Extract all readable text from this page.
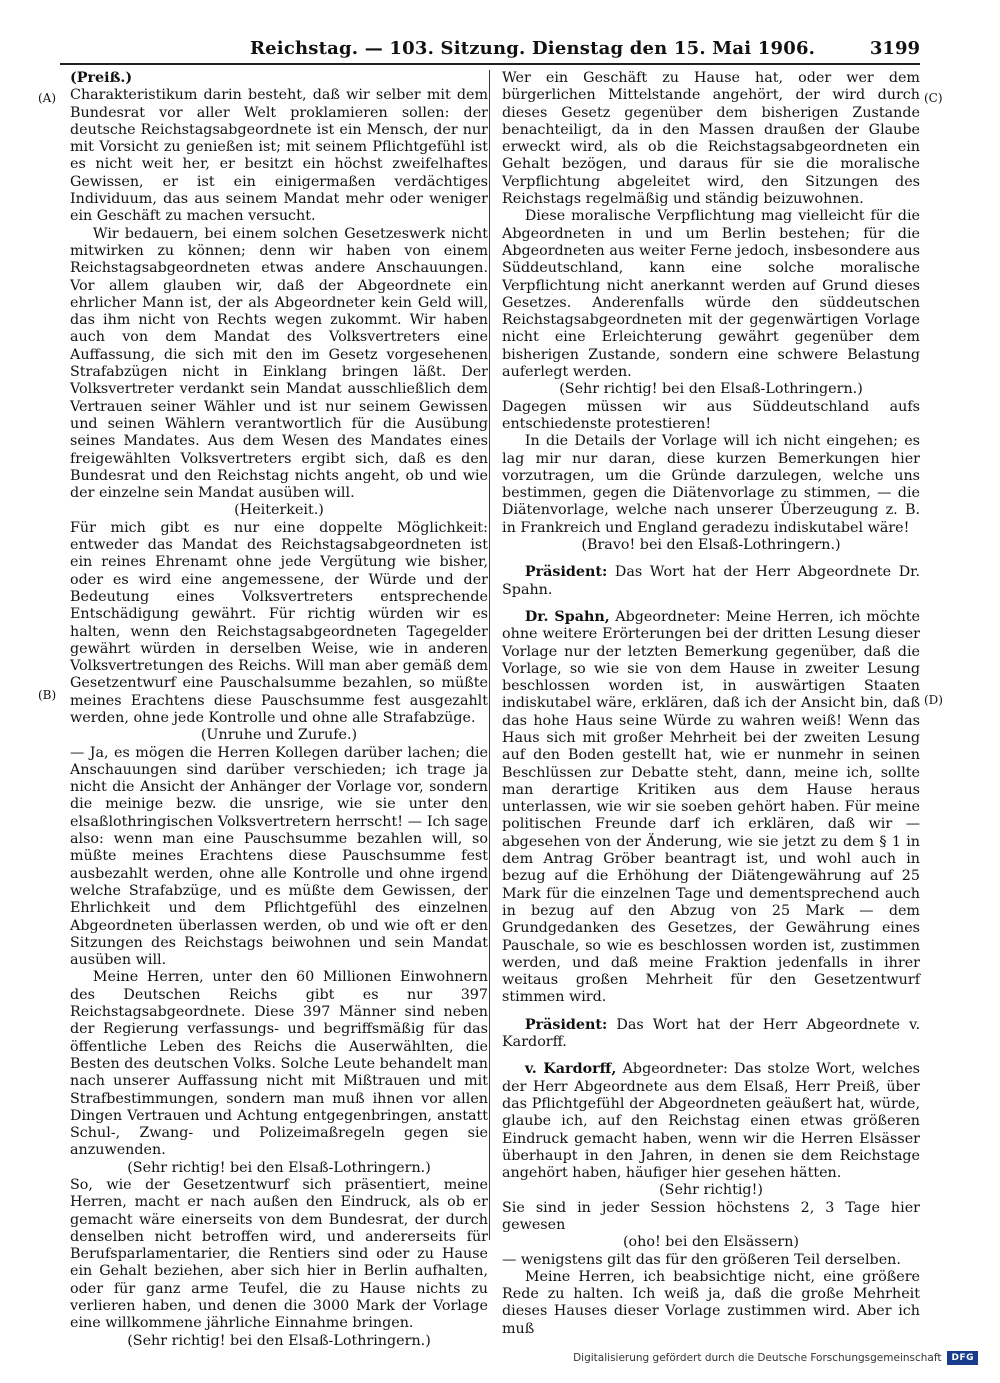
Reichstag. — 103. Sitzung. Dienstag den 15. Mai 1906.	3199
(A)
(B)
(C)
(D)

(Preiß.)

Charakteristikum darin besteht, daß wir selber mit dem Bundesrat vor aller Welt proklamieren sollen: der deutsche Reichstagsabgeordnete ist ein Mensch, der nur mit Vorsicht zu genießen ist; mit seinem Pflichtgefühl ist es nicht weit her, er besitzt ein höchst zweifelhaftes Gewissen, er ist ein einigermaßen verdächtiges Individuum, das aus seinem Mandat mehr oder weniger ein Geschäft zu machen versucht.

Wir bedauern, bei einem solchen Gesetzeswerk nicht mitwirken zu können; denn wir haben von einem Reichstagsabgeordneten etwas andere Anschauungen. Vor allem glauben wir, daß der Abgeordnete ein ehrlicher Mann ist, der als Abgeordneter kein Geld will, das ihm nicht von Rechts wegen zukommt. Wir haben auch von dem Mandat des Volksvertreters eine Auffassung, die sich mit den im Gesetz vorgesehenen Strafabzügen nicht in Einklang bringen läßt. Der Volksvertreter verdankt sein Mandat ausschließlich dem Vertrauen seiner Wähler und ist nur seinem Gewissen und seinen Wählern verantwortlich für die Ausübung seines Mandates. Aus dem Wesen des Mandates eines freigewählten Volksvertreters ergibt sich, daß es den Bundesrat und den Reichstag nichts angeht, ob und wie der einzelne sein Mandat ausüben will.

(Heiterkeit.)

Für mich gibt es nur eine doppelte Möglichkeit: entweder das Mandat des Reichstagsabgeordneten ist ein reines Ehrenamt ohne jede Vergütung wie bisher, oder es wird eine angemessene, der Würde und der Bedeutung eines Volksvertreters entsprechende Entschädigung gewährt. Für richtig würden wir es halten, wenn den Reichstagsabgeordneten Tagegelder gewährt würden in derselben Weise, wie in anderen Volksvertretungen des Reichs. Will man aber gemäß dem Gesetzentwurf eine Pauschalsumme bezahlen, so müßte meines Erachtens diese Pauschsumme fest ausgezahlt werden, ohne jede Kontrolle und ohne alle Strafabzüge.

(Unruhe und Zurufe.)

— Ja, es mögen die Herren Kollegen darüber lachen; die Anschauungen sind darüber verschieden; ich trage ja nicht die Ansicht der Anhänger der Vorlage vor, sondern die meinige bezw. die unsrige, wie sie unter den elsaßlothringischen Volksvertretern herrscht! — Ich sage also: wenn man eine Pauschsumme bezahlen will, so müßte meines Erachtens diese Pauschsumme fest ausbezahlt werden, ohne alle Kontrolle und ohne irgend welche Strafabzüge, und es müßte dem Gewissen, der Ehrlichkeit und dem Pflichtgefühl des einzelnen Abgeordneten überlassen werden, ob und wie oft er den Sitzungen des Reichstags beiwohnen und sein Mandat ausüben will.

Meine Herren, unter den 60 Millionen Einwohnern des Deutschen Reichs gibt es nur 397 Reichstagsabgeordnete. Diese 397 Männer sind neben der Regierung verfassungs- und begriffsmäßig für das öffentliche Leben des Reichs die Auserwählten, die Besten des deutschen Volks. Solche Leute behandelt man nach unserer Auffassung nicht mit Mißtrauen und mit Strafbestimmungen, sondern man muß ihnen vor allen Dingen Vertrauen und Achtung entgegenbringen, anstatt Schul-, Zwang- und Polizeimaßregeln gegen sie anzuwenden.

(Sehr richtig! bei den Elsaß-Lothringern.)

So, wie der Gesetzentwurf sich präsentiert, meine Herren, macht er nach außen den Eindruck, als ob er gemacht wäre einerseits von dem Bundesrat, der durch denselben nicht betroffen wird, und andererseits für Berufsparlamentarier, die Rentiers sind oder zu Hause ein Gehalt beziehen, aber sich hier in Berlin aufhalten, oder für ganz arme Teufel, die zu Hause nichts zu verlieren haben, und denen die 3000 Mark der Vorlage eine willkommene jährliche Einnahme bringen.

(Sehr richtig! bei den Elsaß-Lothringern.)

Wer ein Geschäft zu Hause hat, oder wer dem bürgerlichen Mittelstande angehört, der wird durch dieses Gesetz gegenüber dem bisherigen Zustande benachteiligt, da in den Massen draußen der Glaube erweckt wird, als ob die Reichstagsabgeordneten ein Gehalt bezögen, und daraus für sie die moralische Verpflichtung abgeleitet wird, den Sitzungen des Reichstags regelmäßig und ständig beizuwohnen.

Diese moralische Verpflichtung mag vielleicht für die Abgeordneten in und um Berlin bestehen; für die Abgeordneten aus weiter Ferne jedoch, insbesondere aus Süddeutschland, kann eine solche moralische Verpflichtung nicht anerkannt werden auf Grund dieses Gesetzes. Anderenfalls würde den süddeutschen Reichstagsabgeordneten mit der gegenwärtigen Vorlage nicht eine Erleichterung gewährt gegenüber dem bisherigen Zustande, sondern eine schwere Belastung auferlegt werden.

(Sehr richtig! bei den Elsaß-Lothringern.)

Dagegen müssen wir aus Süddeutschland aufs entschiedenste protestieren!

In die Details der Vorlage will ich nicht eingehen; es lag mir nur daran, diese kurzen Bemerkungen hier vorzutragen, um die Gründe darzulegen, welche uns bestimmen, gegen die Diätenvorlage zu stimmen, — die Diätenvorlage, welche nach unserer Überzeugung z. B. in Frankreich und England geradezu indiskutabel wäre!

(Bravo! bei den Elsaß-Lothringern.)

Präsident: Das Wort hat der Herr Abgeordnete Dr. Spahn.

Dr. Spahn, Abgeordneter: Meine Herren, ich möchte ohne weitere Erörterungen bei der dritten Lesung dieser Vorlage nur der letzten Bemerkung gegenüber, daß die Vorlage, so wie sie von dem Hause in zweiter Lesung beschlossen worden ist, in auswärtigen Staaten indiskutabel wäre, erklären, daß ich der Ansicht bin, daß das hohe Haus seine Würde zu wahren weiß! Wenn das Haus sich mit großer Mehrheit bei der zweiten Lesung auf den Boden gestellt hat, wie er nunmehr in seinen Beschlüssen zur Debatte steht, dann, meine ich, sollte man derartige Kritiken aus dem Hause heraus unterlassen, wie wir sie soeben gehört haben. Für meine politischen Freunde darf ich erklären, daß wir — abgesehen von der Änderung, wie sie jetzt zu dem § 1 in dem Antrag Gröber beantragt ist, und wohl auch in bezug auf die Erhöhung der Diätengewährung auf 25 Mark für die einzelnen Tage und dementsprechend auch in bezug auf den Abzug von 25 Mark — dem Grundgedanken des Gesetzes, der Gewährung eines Pauschale, so wie es beschlossen worden ist, zustimmen werden, und daß meine Fraktion jedenfalls in ihrer weitaus großen Mehrheit für den Gesetzentwurf stimmen wird.

Präsident: Das Wort hat der Herr Abgeordnete v. Kardorff.

v. Kardorff, Abgeordneter: Das stolze Wort, welches der Herr Abgeordnete aus dem Elsaß, Herr Preiß, über das Pflichtgefühl der Abgeordneten geäußert hat, würde, glaube ich, auf den Reichstag einen etwas größeren Eindruck gemacht haben, wenn wir die Herren Elsässer überhaupt in den Jahren, in denen sie dem Reichstage angehört haben, häufiger hier gesehen hätten.

(Sehr richtig!)

Sie sind in jeder Session höchstens 2, 3 Tage hier gewesen

(oho! bei den Elsässern)

— wenigstens gilt das für den größeren Teil derselben.

Meine Herren, ich beabsichtige nicht, eine größere Rede zu halten. Ich weiß ja, daß die große Mehrheit dieses Hauses dieser Vorlage zustimmen wird. Aber ich muß

Digitalisierung gefördert durch die Deutsche Forschungsgemeinschaft	DFG
